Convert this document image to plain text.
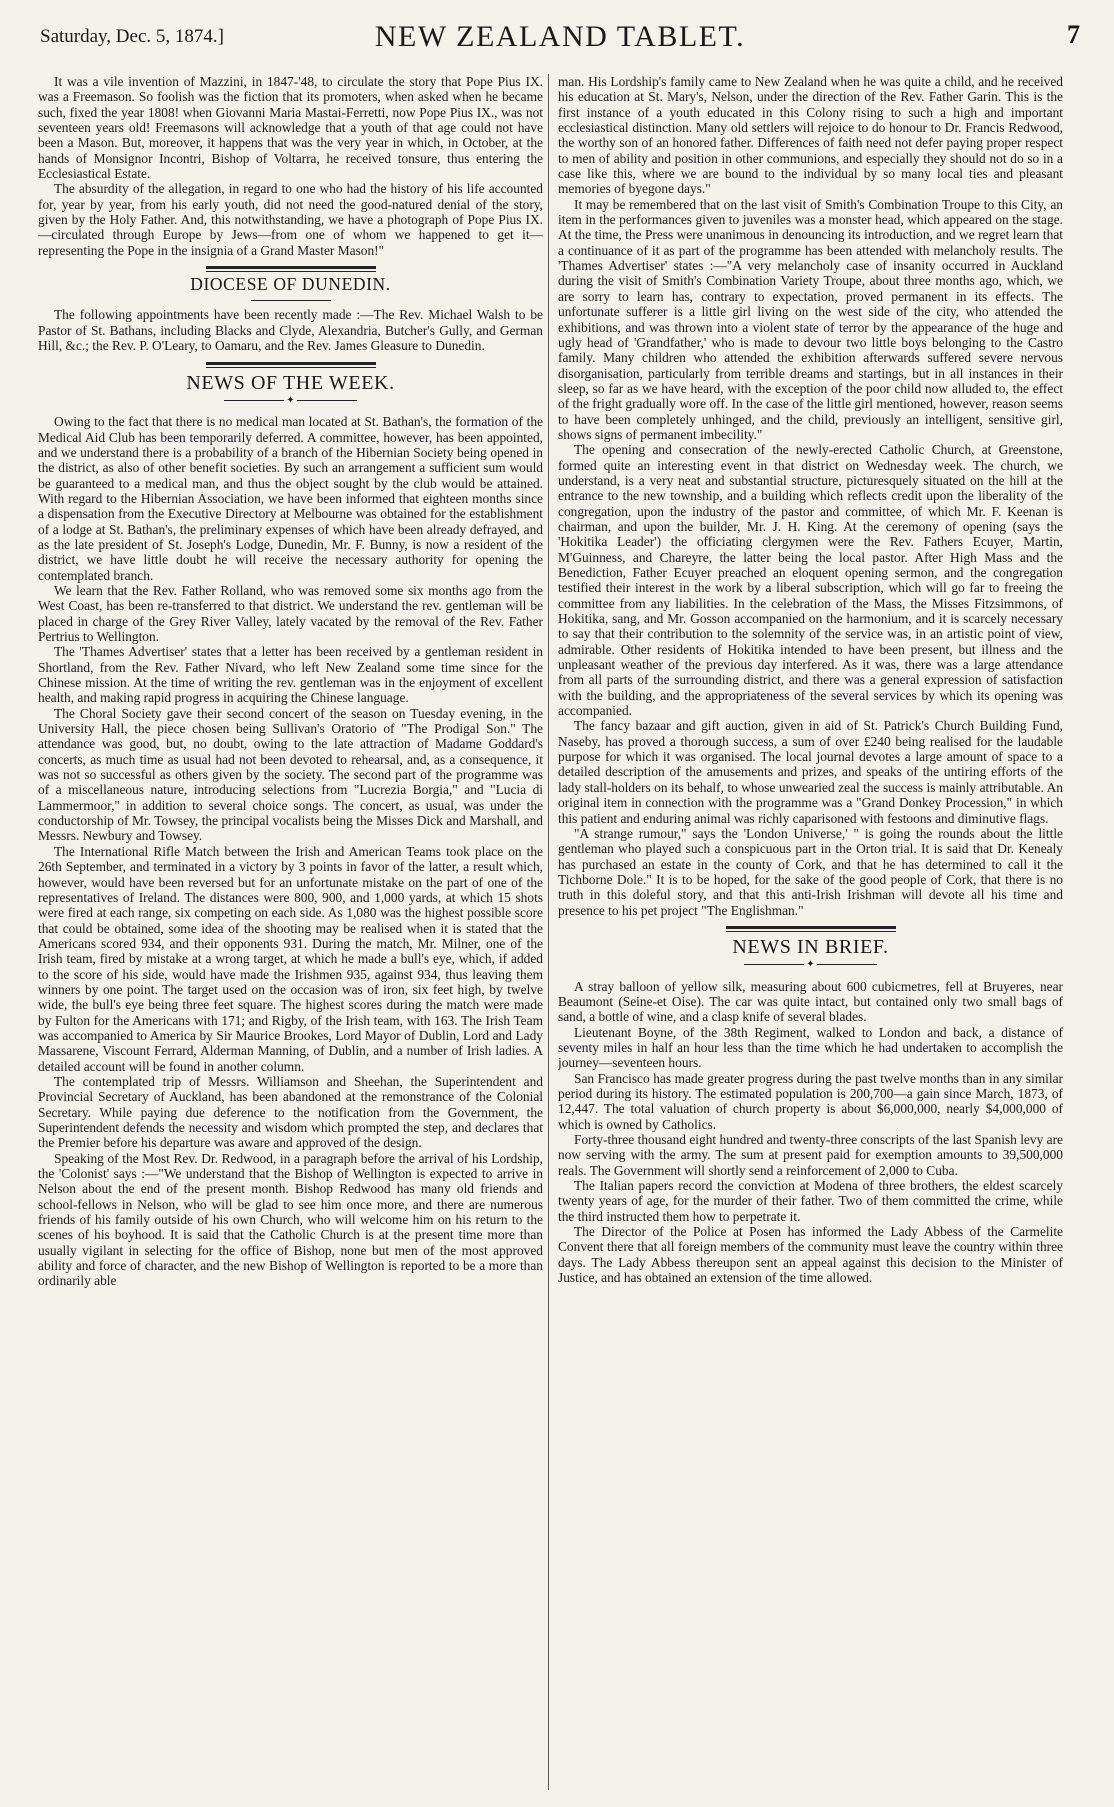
Saturday, Dec. 5, 1874.]	NEW ZEALAND TABLET.	7

It was a vile invention of Mazzini, in 1847-'48, to circulate the story that Pope Pius IX. was a Freemason. So foolish was the fiction that its promoters, when asked when he became such, fixed the year 1808! when Giovanni Maria Mastai-Ferretti, now Pope Pius IX., was not seventeen years old! Freemasons will acknowledge that a youth of that age could not have been a Mason. But, moreover, it happens that was the very year in which, in October, at the hands of Monsignor Incontri, Bishop of Voltarra, he received tonsure, thus entering the Ecclesiastical Estate.

The absurdity of the allegation, in regard to one who had the history of his life accounted for, year by year, from his early youth, did not need the good-natured denial of the story, given by the Holy Father. And, this notwithstanding, we have a photograph of Pope Pius IX.—circulated through Europe by Jews—from one of whom we happened to get it—representing the Pope in the insignia of a Grand Master Mason!"

DIOCESE OF DUNEDIN.

The following appointments have been recently made :—The Rev. Michael Walsh to be Pastor of St. Bathans, including Blacks and Clyde, Alexandria, Butcher's Gully, and German Hill, &c.; the Rev. P. O'Leary, to Oamaru, and the Rev. James Gleasure to Dunedin.

NEWS OF THE WEEK.
✦

Owing to the fact that there is no medical man located at St. Bathan's, the formation of the Medical Aid Club has been temporarily deferred. A committee, however, has been appointed, and we understand there is a probability of a branch of the Hibernian Society being opened in the district, as also of other benefit societies. By such an arrangement a sufficient sum would be guaranteed to a medical man, and thus the object sought by the club would be attained. With regard to the Hibernian Association, we have been informed that eighteen months since a dispensation from the Executive Directory at Melbourne was obtained for the establishment of a lodge at St. Bathan's, the preliminary expenses of which have been already defrayed, and as the late president of St. Joseph's Lodge, Dunedin, Mr. F. Bunny, is now a resident of the district, we have little doubt he will receive the necessary authority for opening the contemplated branch.

We learn that the Rev. Father Rolland, who was removed some six months ago from the West Coast, has been re-transferred to that district. We understand the rev. gentleman will be placed in charge of the Grey River Valley, lately vacated by the removal of the Rev. Father Pertrius to Wellington.

The 'Thames Advertiser' states that a letter has been received by a gentleman resident in Shortland, from the Rev. Father Nivard, who left New Zealand some time since for the Chinese mission. At the time of writing the rev. gentleman was in the enjoyment of excellent health, and making rapid progress in acquiring the Chinese language.

The Choral Society gave their second concert of the season on Tuesday evening, in the University Hall, the piece chosen being Sullivan's Oratorio of "The Prodigal Son." The attendance was good, but, no doubt, owing to the late attraction of Madame Goddard's concerts, as much time as usual had not been devoted to rehearsal, and, as a consequence, it was not so successful as others given by the society. The second part of the programme was of a miscellaneous nature, introducing selections from "Lucrezia Borgia," and "Lucia di Lammermoor," in addition to several choice songs. The concert, as usual, was under the conductorship of Mr. Towsey, the principal vocalists being the Misses Dick and Marshall, and Messrs. Newbury and Towsey.

The International Rifle Match between the Irish and American Teams took place on the 26th September, and terminated in a victory by 3 points in favor of the latter, a result which, however, would have been reversed but for an unfortunate mistake on the part of one of the representatives of Ireland. The distances were 800, 900, and 1,000 yards, at which 15 shots were fired at each range, six competing on each side. As 1,080 was the highest possible score that could be obtained, some idea of the shooting may be realised when it is stated that the Americans scored 934, and their opponents 931. During the match, Mr. Milner, one of the Irish team, fired by mistake at a wrong target, at which he made a bull's eye, which, if added to the score of his side, would have made the Irishmen 935, against 934, thus leaving them winners by one point. The target used on the occasion was of iron, six feet high, by twelve wide, the bull's eye being three feet square. The highest scores during the match were made by Fulton for the Americans with 171; and Rigby, of the Irish team, with 163. The Irish Team was accompanied to America by Sir Maurice Brookes, Lord Mayor of Dublin, Lord and Lady Massarene, Viscount Ferrard, Alderman Manning, of Dublin, and a number of Irish ladies. A detailed account will be found in another column.

The contemplated trip of Messrs. Williamson and Sheehan, the Superintendent and Provincial Secretary of Auckland, has been abandoned at the remonstrance of the Colonial Secretary. While paying due deference to the notification from the Government, the Superintendent defends the necessity and wisdom which prompted the step, and declares that the Premier before his departure was aware and approved of the design.

Speaking of the Most Rev. Dr. Redwood, in a paragraph before the arrival of his Lordship, the 'Colonist' says :—"We understand that the Bishop of Wellington is expected to arrive in Nelson about the end of the present month. Bishop Redwood has many old friends and school-fellows in Nelson, who will be glad to see him once more, and there are numerous friends of his family outside of his own Church, who will welcome him on his return to the scenes of his boyhood. It is said that the Catholic Church is at the present time more than usually vigilant in selecting for the office of Bishop, none but men of the most approved ability and force of character, and the new Bishop of Wellington is reported to be a more than ordinarily able

man. His Lordship's family came to New Zealand when he was quite a child, and he received his education at St. Mary's, Nelson, under the direction of the Rev. Father Garin. This is the first instance of a youth educated in this Colony rising to such a high and important ecclesiastical distinction. Many old settlers will rejoice to do honour to Dr. Francis Redwood, the worthy son of an honored father. Differences of faith need not defer paying proper respect to men of ability and position in other communions, and especially they should not do so in a case like this, where we are bound to the individual by so many local ties and pleasant memories of byegone days."

It may be remembered that on the last visit of Smith's Combination Troupe to this City, an item in the performances given to juveniles was a monster head, which appeared on the stage. At the time, the Press were unanimous in denouncing its introduction, and we regret learn that a continuance of it as part of the programme has been attended with melancholy results. The 'Thames Advertiser' states :—"A very melancholy case of insanity occurred in Auckland during the visit of Smith's Combination Variety Troupe, about three months ago, which, we are sorry to learn has, contrary to expectation, proved permanent in its effects. The unfortunate sufferer is a little girl living on the west side of the city, who attended the exhibitions, and was thrown into a violent state of terror by the appearance of the huge and ugly head of 'Grandfather,' who is made to devour two little boys belonging to the Castro family. Many children who attended the exhibition afterwards suffered severe nervous disorganisation, particularly from terrible dreams and startings, but in all instances in their sleep, so far as we have heard, with the exception of the poor child now alluded to, the effect of the fright gradually wore off. In the case of the little girl mentioned, however, reason seems to have been completely unhinged, and the child, previously an intelligent, sensitive girl, shows signs of permanent imbecility."

The opening and consecration of the newly-erected Catholic Church, at Greenstone, formed quite an interesting event in that district on Wednesday week. The church, we understand, is a very neat and substantial structure, picturesquely situated on the hill at the entrance to the new township, and a building which reflects credit upon the liberality of the congregation, upon the industry of the pastor and committee, of which Mr. F. Keenan is chairman, and upon the builder, Mr. J. H. King. At the ceremony of opening (says the 'Hokitika Leader') the officiating clergymen were the Rev. Fathers Ecuyer, Martin, M'Guinness, and Chareyre, the latter being the local pastor. After High Mass and the Benediction, Father Ecuyer preached an eloquent opening sermon, and the congregation testified their interest in the work by a liberal subscription, which will go far to freeing the committee from any liabilities. In the celebration of the Mass, the Misses Fitzsimmons, of Hokitika, sang, and Mr. Gosson accompanied on the harmonium, and it is scarcely necessary to say that their contribution to the solemnity of the service was, in an artistic point of view, admirable. Other residents of Hokitika intended to have been present, but illness and the unpleasant weather of the previous day interfered. As it was, there was a large attendance from all parts of the surrounding district, and there was a general expression of satisfaction with the building, and the appropriateness of the several services by which its opening was accompanied.

The fancy bazaar and gift auction, given in aid of St. Patrick's Church Building Fund, Naseby, has proved a thorough success, a sum of over £240 being realised for the laudable purpose for which it was organised. The local journal devotes a large amount of space to a detailed description of the amusements and prizes, and speaks of the untiring efforts of the lady stall-holders on its behalf, to whose unwearied zeal the success is mainly attributable. An original item in connection with the programme was a "Grand Donkey Procession," in which this patient and enduring animal was richly caparisoned with festoons and diminutive flags.

"A strange rumour," says the 'London Universe,' " is going the rounds about the little gentleman who played such a conspicuous part in the Orton trial. It is said that Dr. Kenealy has purchased an estate in the county of Cork, and that he has determined to call it the Tichborne Dole." It is to be hoped, for the sake of the good people of Cork, that there is no truth in this doleful story, and that this anti-Irish Irishman will devote all his time and presence to his pet project "The Englishman."

NEWS IN BRIEF.
✦

A stray balloon of yellow silk, measuring about 600 cubicmetres, fell at Bruyeres, near Beaumont (Seine-et Oise). The car was quite intact, but contained only two small bags of sand, a bottle of wine, and a clasp knife of several blades.

Lieutenant Boyne, of the 38th Regiment, walked to London and back, a distance of seventy miles in half an hour less than the time which he had undertaken to accomplish the journey—seventeen hours.

San Francisco has made greater progress during the past twelve months than in any similar period during its history. The estimated population is 200,700—a gain since March, 1873, of 12,447. The total valuation of church property is about $6,000,000, nearly $4,000,000 of which is owned by Catholics.

Forty-three thousand eight hundred and twenty-three conscripts of the last Spanish levy are now serving with the army. The sum at present paid for exemption amounts to 39,500,000 reals. The Government will shortly send a reinforcement of 2,000 to Cuba.

The Italian papers record the conviction at Modena of three brothers, the eldest scarcely twenty years of age, for the murder of their father. Two of them committed the crime, while the third instructed them how to perpetrate it.

The Director of the Police at Posen has informed the Lady Abbess of the Carmelite Convent there that all foreign members of the community must leave the country within three days. The Lady Abbess thereupon sent an appeal against this decision to the Minister of Justice, and has obtained an extension of the time allowed.
